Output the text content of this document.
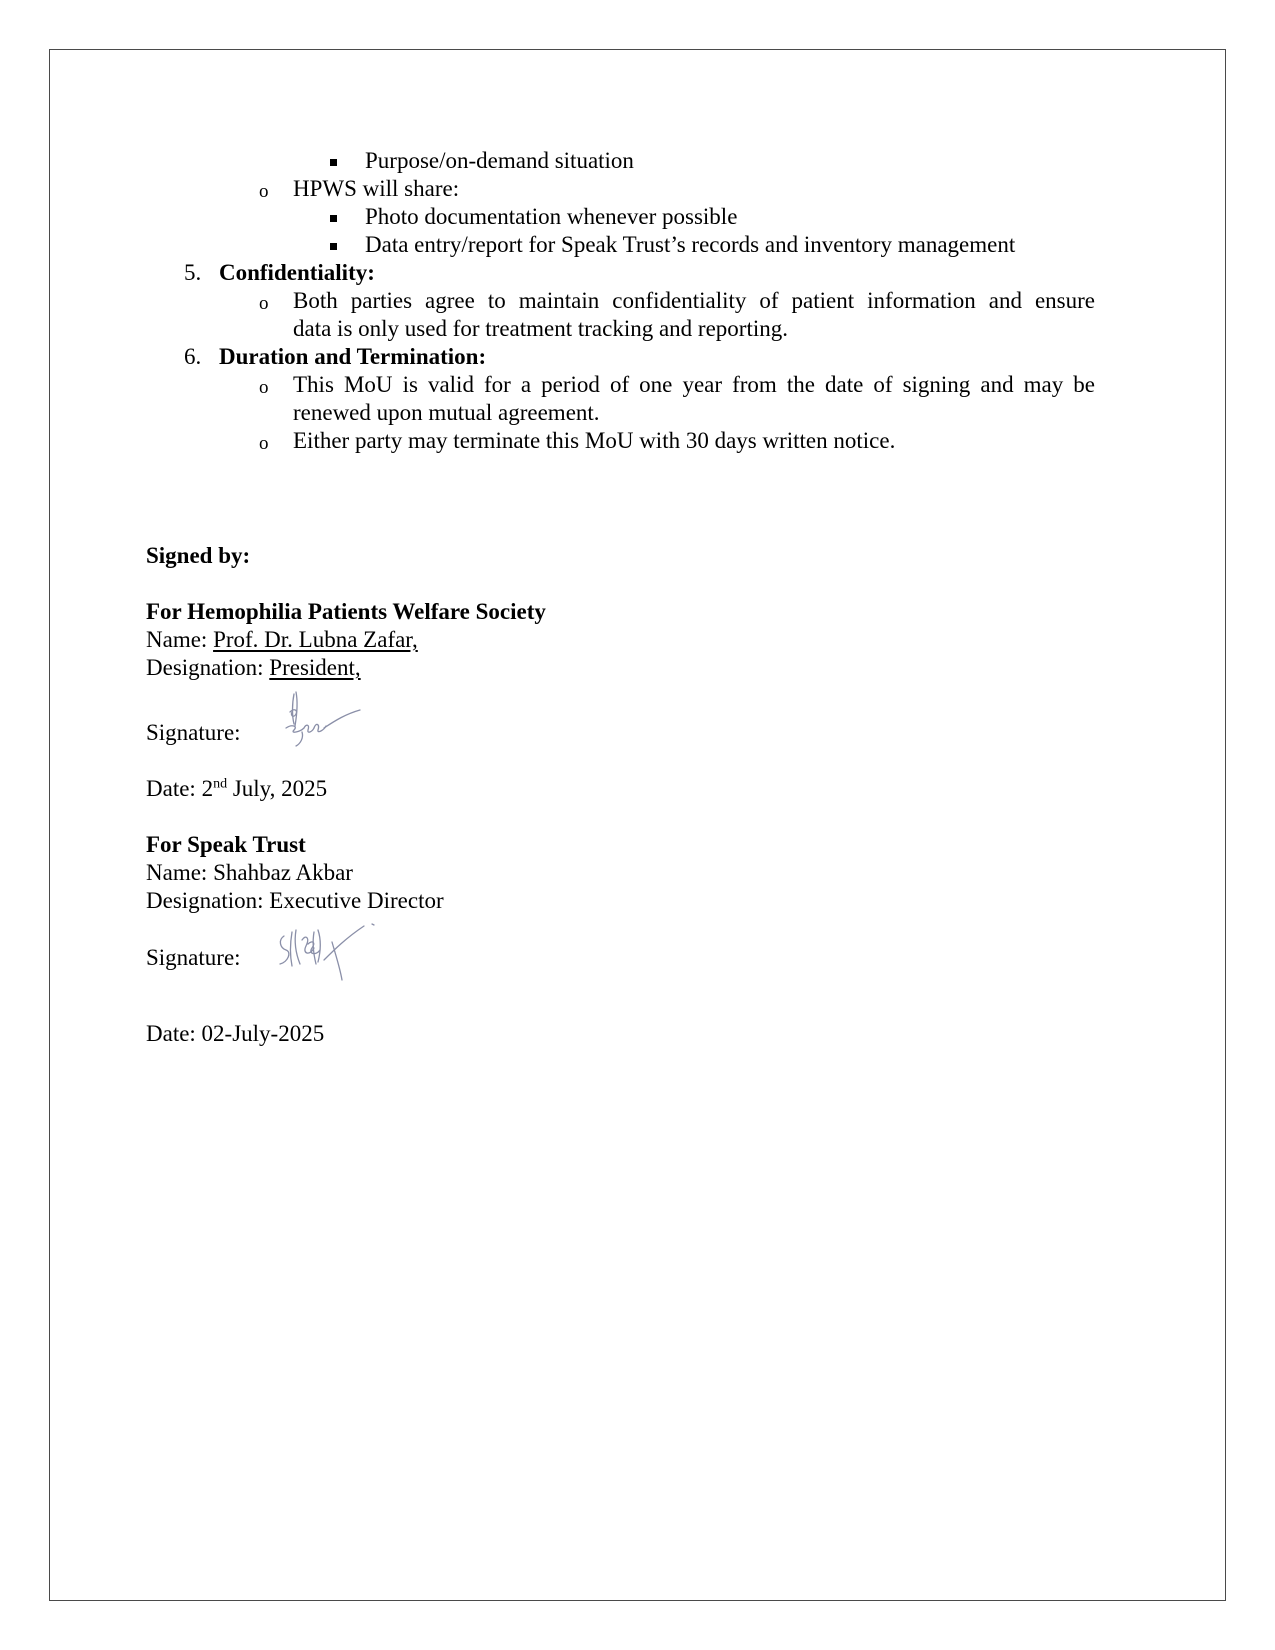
Purpose/on-demand situation
o HPWS will share:
Photo documentation whenever possible
Data entry/report for Speak Trust’s records and inventory management
5. Confidentiality:
o Both parties agree to maintain confidentiality of patient information and ensure
data is only used for treatment tracking and reporting.
6. Duration and Termination:
o This MoU is valid for a period of one year from the date of signing and may be
renewed upon mutual agreement.
o Either party may terminate this MoU with 30 days written notice.
Signed by:
For Hemophilia Patients Welfare Society
Name: Prof. Dr. Lubna Zafar,
Designation: President,
Signature:
Date: 2nd July, 2025
For Speak Trust
Name: Shahbaz Akbar
Designation: Executive Director
Signature:
Date: 02-July-2025
